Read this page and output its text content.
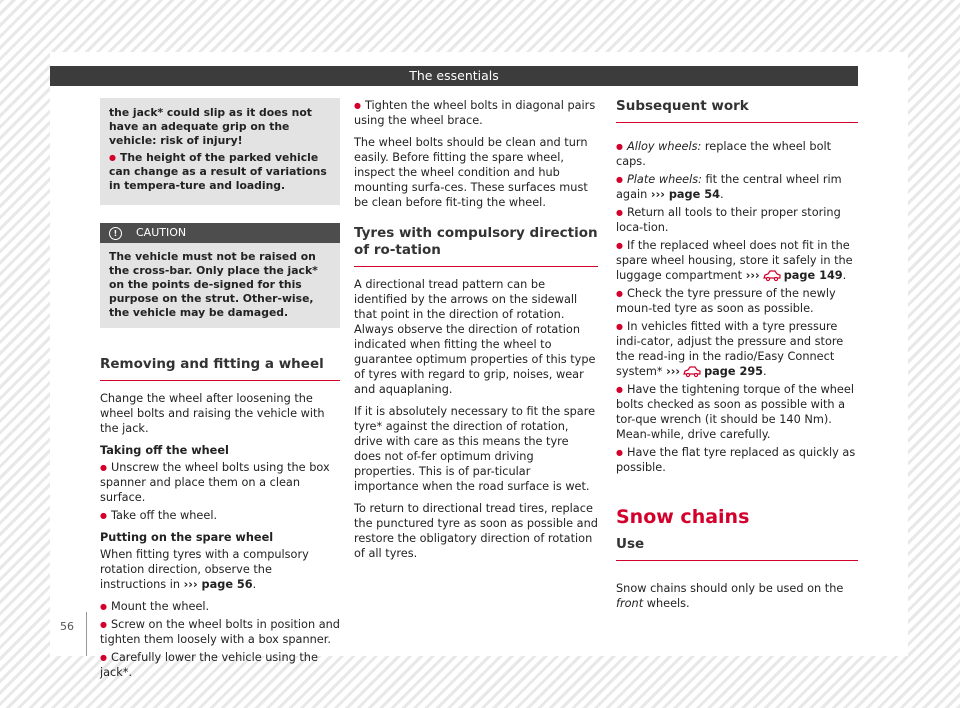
The essentials

the jack* could slip as it does not have an adequate grip on the vehicle: risk of injury!

● The height of the parked vehicle can change as a result of variations in tempera-ture and loading.

!	CAUTION
The vehicle must not be raised on the cross-bar. Only place the jack* on the points de-signed for this purpose on the strut. Other-wise, the vehicle may be damaged.
Removing and fitting a wheel

Change the wheel after loosening the wheel bolts and raising the vehicle with the jack.

Taking off the wheel

● Unscrew the wheel bolts using the box spanner and place them on a clean surface.

● Take off the wheel.

Putting on the spare wheel

When fitting tyres with a compulsory rotation direction, observe the instructions in ››› page 56.

● Mount the wheel.

● Screw on the wheel bolts in position and tighten them loosely with a box spanner.

● Carefully lower the vehicle using the jack*.

● Tighten the wheel bolts in diagonal pairs using the wheel brace.

The wheel bolts should be clean and turn easily. Before fitting the spare wheel, inspect the wheel condition and hub mounting surfa-ces. These surfaces must be clean before fit-ting the wheel.

Tyres with compulsory direction of ro-tation

A directional tread pattern can be identified by the arrows on the sidewall that point in the direction of rotation. Always observe the direction of rotation indicated when fitting the wheel to guarantee optimum properties of this type of tyres with regard to grip, noises, wear and aquaplaning.

If it is absolutely necessary to fit the spare tyre* against the direction of rotation, drive with care as this means the tyre does not of-fer optimum driving properties. This is of par-ticular importance when the road surface is wet.

To return to directional tread tires, replace the punctured tyre as soon as possible and restore the obligatory direction of rotation of all tyres.

Subsequent work

● Alloy wheels: replace the wheel bolt caps.

● Plate wheels: fit the central wheel rim again ››› page 54.

● Return all tools to their proper storing loca-tion.

● If the replaced wheel does not fit in the spare wheel housing, store it safely in the luggage compartment ››› page 149.

● Check the tyre pressure of the newly moun-ted tyre as soon as possible.

● In vehicles fitted with a tyre pressure indi-cator, adjust the pressure and store the read-ing in the radio/Easy Connect system* ››› page 295.

● Have the tightening torque of the wheel bolts checked as soon as possible with a tor-que wrench (it should be 140 Nm). Mean-while, drive carefully.

● Have the flat tyre replaced as quickly as possible.

Snow chains
Use

Snow chains should only be used on the front wheels.

56
